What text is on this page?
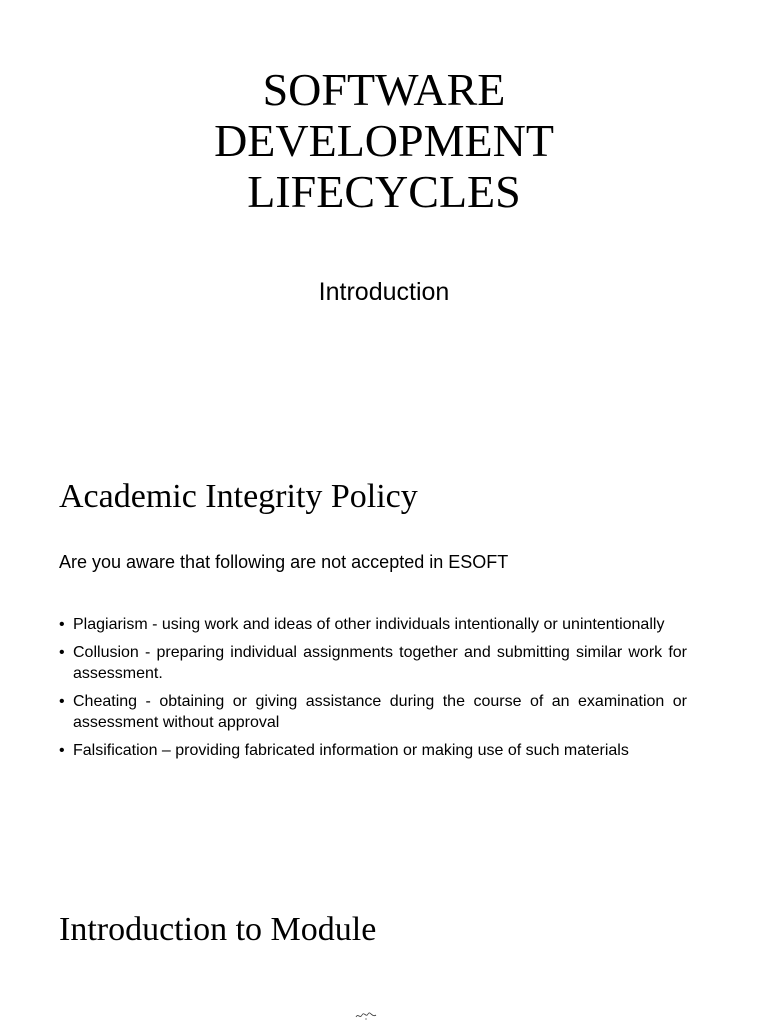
SOFTWARE
DEVELOPMENT
LIFECYCLES

Introduction

Academic Integrity Policy

Are you aware that following are not accepted in ESOFT

• Plagiarism - using work and ideas of other individuals intentionally or unintentionally
• Collusion - preparing individual assignments together and submitting similar work for assessment.
• Cheating - obtaining or giving assistance during the course of an examination or assessment without approval
• Falsification – providing fabricated information or making use of such materials
Introduction to Module
